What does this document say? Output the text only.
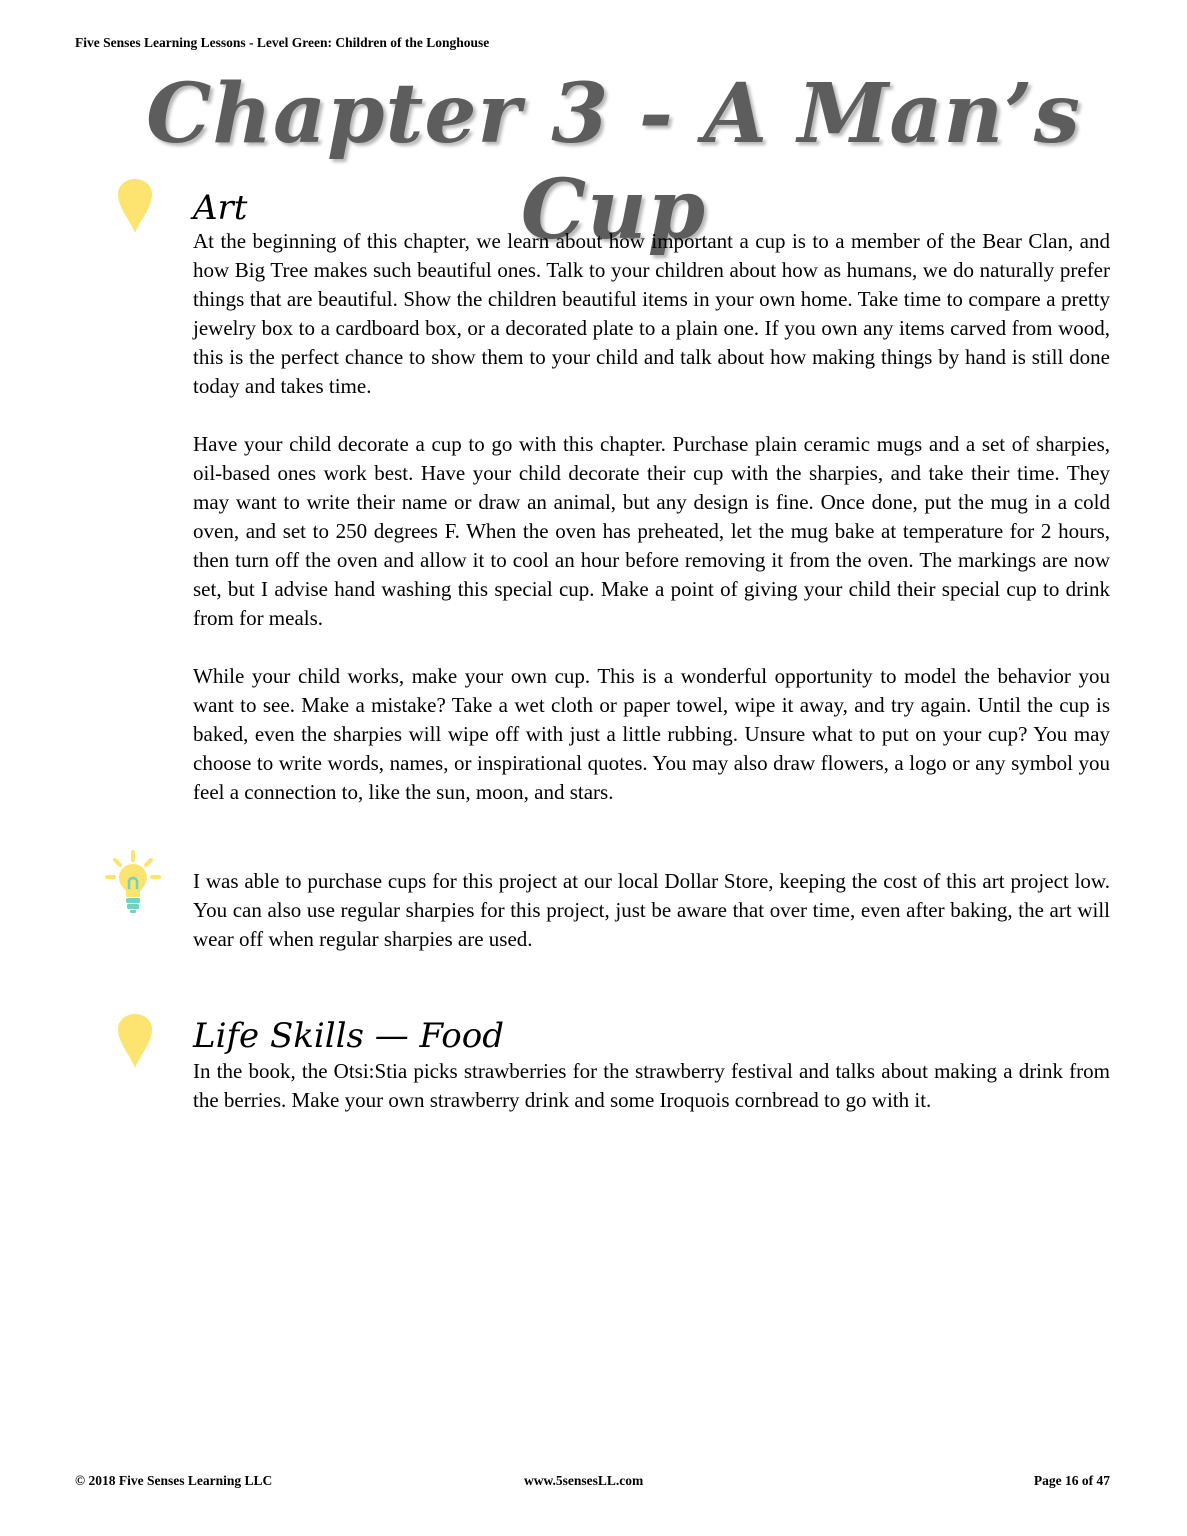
Five Senses Learning Lessons - Level Green: Children of the Longhouse
Chapter 3 - A Man’s Cup
Art

At the beginning of this chapter, we learn about how important a cup is to a member of the Bear Clan, and how Big Tree makes such beautiful ones. Talk to your children about how as humans, we do naturally prefer things that are beautiful. Show the children beautiful items in your own home. Take time to compare a pretty jewelry box to a cardboard box, or a decorated plate to a plain one. If you own any items carved from wood, this is the perfect chance to show them to your child and talk about how making things by hand is still done today and takes time.

Have your child decorate a cup to go with this chapter. Purchase plain ceramic mugs and a set of sharpies, oil-based ones work best. Have your child decorate their cup with the sharpies, and take their time. They may want to write their name or draw an animal, but any design is fine. Once done, put the mug in a cold oven, and set to 250 degrees F. When the oven has preheated, let the mug bake at temperature for 2 hours, then turn off the oven and allow it to cool an hour before removing it from the oven. The markings are now set, but I advise hand washing this special cup. Make a point of giving your child their special cup to drink from for meals.

While your child works, make your own cup. This is a wonderful opportunity to model the behavior you want to see. Make a mistake? Take a wet cloth or paper towel, wipe it away, and try again. Until the cup is baked, even the sharpies will wipe off with just a little rubbing. Unsure what to put on your cup? You may choose to write words, names, or inspirational quotes. You may also draw flowers, a logo or any symbol you feel a connection to, like the sun, moon, and stars.

I was able to purchase cups for this project at our local Dollar Store, keeping the cost of this art project low. You can also use regular sharpies for this project, just be aware that over time, even after baking, the art will wear off when regular sharpies are used.

Life Skills — Food

In the book, the Otsi:Stia picks strawberries for the strawberry festival and talks about making a drink from the berries. Make your own strawberry drink and some Iroquois cornbread to go with it.

© 2018 Five Senses Learning LLC	www.5sensesLL.com	Page 16 of 47
